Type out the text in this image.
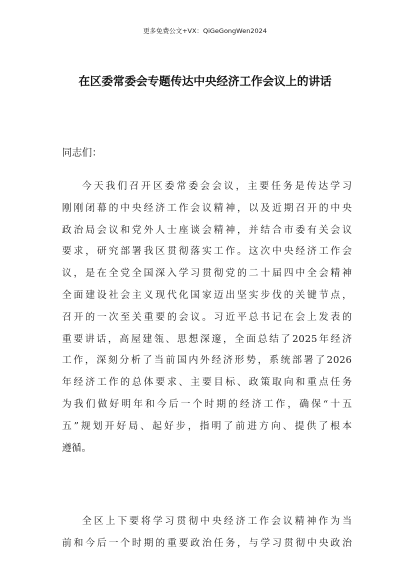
更多免费公文+VX：QiGeGongWen2024
在区委常委会专题传达中央经济工作会议上的讲话
同志们：
今天我们召开区委常委会会议，主要任务是传达学习
刚刚闭幕的中央经济工作会议精神，以及近期召开的中央
政治局会议和党外人士座谈会精神，并结合市委有关会议
要求，研究部署我区贯彻落实工作。这次中央经济工作会
议，是在全党全国深入学习贯彻党的二十届四中全会精神
全面建设社会主义现代化国家迈出坚实步伐的关键节点，
召开的一次至关重要的会议。习近平总书记在会上发表的
重要讲话，高屋建瓴、思想深邃，全面总结了2025年经济
工作，深刻分析了当前国内外经济形势，系统部署了2026
年经济工作的总体要求、主要目标、政策取向和重点任务
为我们做好明年和今后一个时期的经济工作，确保“十五
五”规划开好局、起好步，指明了前进方向、提供了根本
遵循。
全区上下要将学习贯彻中央经济工作会议精神作为当
前和今后一个时期的重要政治任务，与学习贯彻中央政治
